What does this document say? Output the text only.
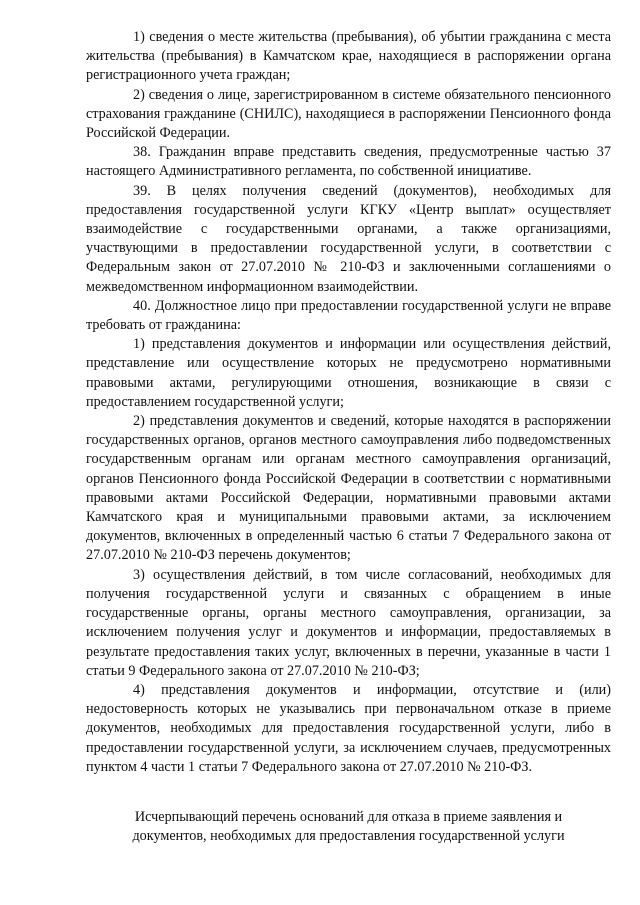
1) сведения о месте жительства (пребывания), об убытии гражданина с места жительства (пребывания) в Камчатском крае, находящиеся в распоряжении органа регистрационного учета граждан;

2) сведения о лице, зарегистрированном в системе обязательного пенсионного страхования гражданине (СНИЛС), находящиеся в распоряжении Пенсионного фонда Российской Федерации.

38. Гражданин вправе представить сведения, предусмотренные частью 37 настоящего Административного регламента, по собственной инициативе.

39. В целях получения сведений (документов), необходимых для предоставления государственной услуги КГКУ «Центр выплат» осуществляет взаимодействие с государственными органами, а также организациями, участвующими в предоставлении государственной услуги, в соответствии с Федеральным закон от 27.07.2010 № 210-ФЗ и заключенными соглашениями о межведомственном информационном взаимодействии.

40. Должностное лицо при предоставлении государственной услуги не вправе требовать от гражданина:

1) представления документов и информации или осуществления действий, представление или осуществление которых не предусмотрено нормативными правовыми актами, регулирующими отношения, возникающие в связи с предоставлением государственной услуги;

2) представления документов и сведений, которые находятся в распоряжении государственных органов, органов местного самоуправления либо подведомственных государственным органам или органам местного самоуправления организаций, органов Пенсионного фонда Российской Федерации в соответствии с нормативными правовыми актами Российской Федерации, нормативными правовыми актами Камчатского края и муниципальными правовыми актами, за исключением документов, включенных в определенный частью 6 статьи 7 Федерального закона от 27.07.2010 № 210-ФЗ перечень документов;

3) осуществления действий, в том числе согласований, необходимых для получения государственной услуги и связанных с обращением в иные государственные органы, органы местного самоуправления, организации, за исключением получения услуг и документов и информации, предоставляемых в результате предоставления таких услуг, включенных в перечни, указанные в части 1 статьи 9 Федерального закона от 27.07.2010 № 210-ФЗ;

4) представления документов и информации, отсутствие и (или) недостоверность которых не указывались при первоначальном отказе в приеме документов, необходимых для предоставления государственной услуги, либо в предоставлении государственной услуги, за исключением случаев, предусмотренных пунктом 4 части 1 статьи 7 Федерального закона от 27.07.2010 № 210-ФЗ.

Исчерпывающий перечень оснований для отказа в приеме заявления и
документов, необходимых для предоставления государственной услуги
